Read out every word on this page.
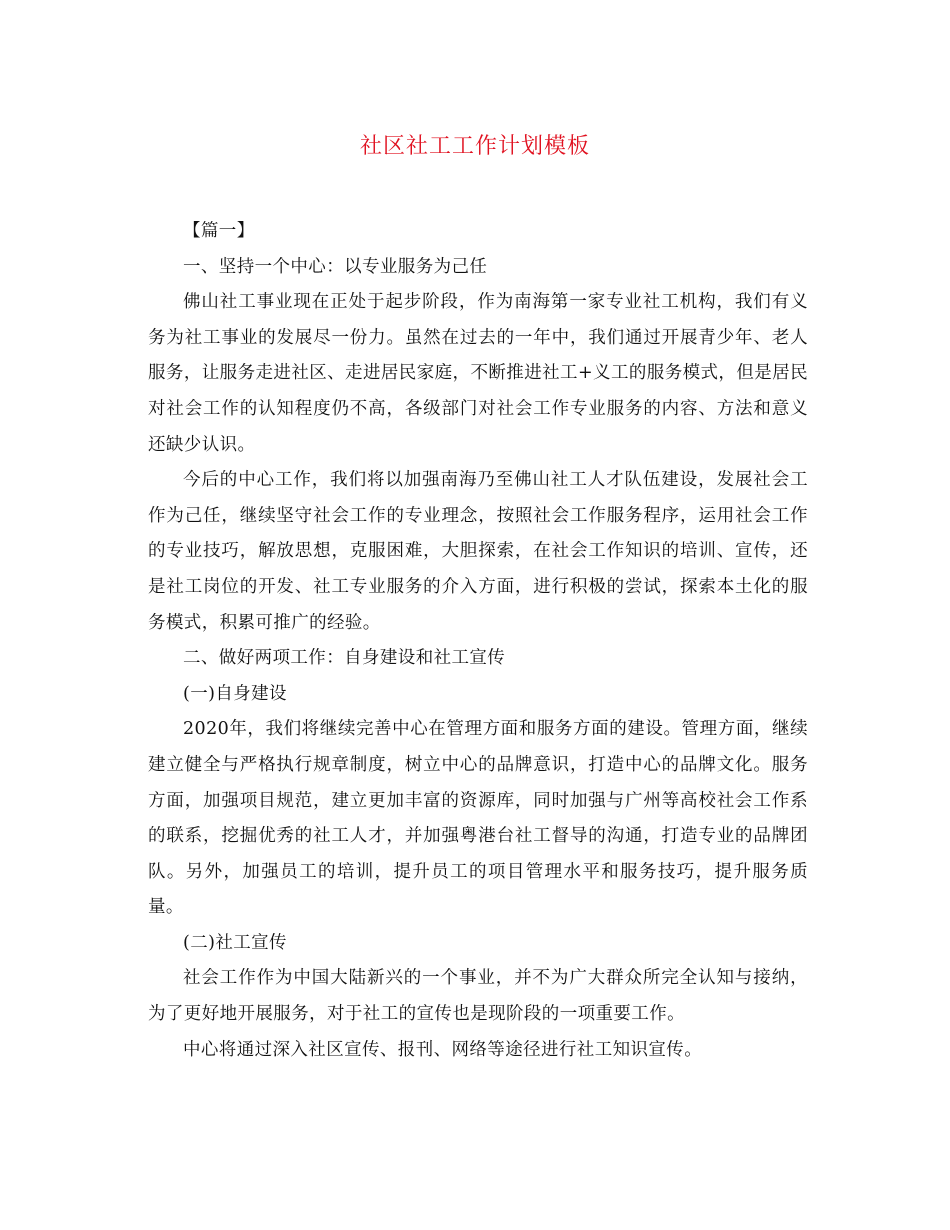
社区社工工作计划模板

【篇一】

一、坚持一个中心：以专业服务为己任

佛山社工事业现在正处于起步阶段，作为南海第一家专业社工机构，我们有义务为社工事业的发展尽一份力。虽然在过去的一年中，我们通过开展青少年、老人服务，让服务走进社区、走进居民家庭，不断推进社工+义工的服务模式，但是居民对社会工作的认知程度仍不高，各级部门对社会工作专业服务的内容、方法和意义还缺少认识。

今后的中心工作，我们将以加强南海乃至佛山社工人才队伍建设，发展社会工作为己任，继续坚守社会工作的专业理念，按照社会工作服务程序，运用社会工作的专业技巧，解放思想，克服困难，大胆探索，在社会工作知识的培训、宣传，还是社工岗位的开发、社工专业服务的介入方面，进行积极的尝试，探索本土化的服务模式，积累可推广的经验。

二、做好两项工作：自身建设和社工宣传

(一)自身建设

2020年，我们将继续完善中心在管理方面和服务方面的建设。管理方面，继续建立健全与严格执行规章制度，树立中心的品牌意识，打造中心的品牌文化。服务方面，加强项目规范，建立更加丰富的资源库，同时加强与广州等高校社会工作系的联系，挖掘优秀的社工人才，并加强粤港台社工督导的沟通，打造专业的品牌团队。另外，加强员工的培训，提升员工的项目管理水平和服务技巧，提升服务质量。

(二)社工宣传

社会工作作为中国大陆新兴的一个事业，并不为广大群众所完全认知与接纳，为了更好地开展服务，对于社工的宣传也是现阶段的一项重要工作。

中心将通过深入社区宣传、报刊、网络等途径进行社工知识宣传。
